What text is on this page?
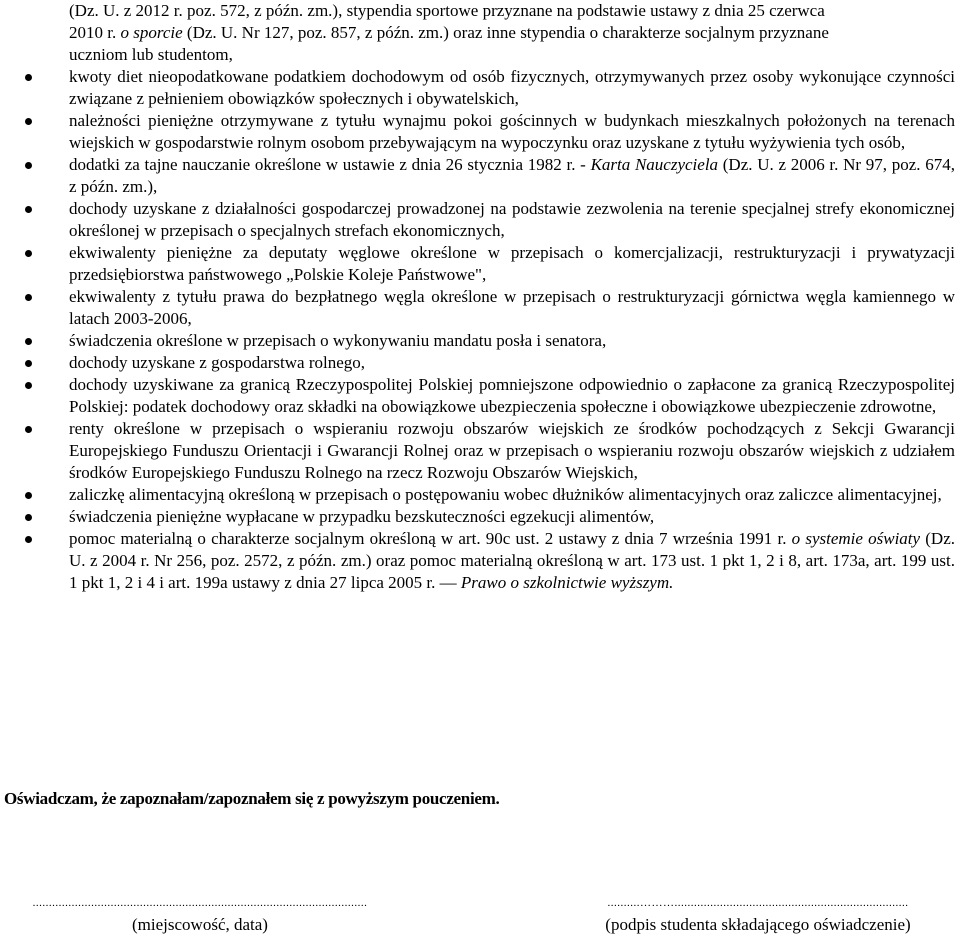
(Dz. U. z 2012 r. poz. 572, z późn. zm.), stypendia sportowe przyznane na podstawie ustawy z dnia 25 czerwca
2010 r. o sporcie (Dz. U. Nr 127, poz. 857, z późn. zm.) oraz inne stypendia o charakterze socjalnym przyznane
uczniom lub studentom,

kwoty diet nieopodatkowane podatkiem dochodowym od osób fizycznych, otrzymywanych przez osoby wykonujące czynności związane z pełnieniem obowiązków społecznych i obywatelskich,
należności pieniężne otrzymywane z tytułu wynajmu pokoi gościnnych w budynkach mieszkalnych położonych na terenach wiejskich w gospodarstwie rolnym osobom przebywającym na wypoczynku oraz uzyskane z tytułu wyżywienia tych osób,
dodatki za tajne nauczanie określone w ustawie z dnia 26 stycznia 1982 r. - Karta Nauczyciela (Dz. U. z 2006 r. Nr 97, poz. 674, z późn. zm.),
dochody uzyskane z działalności gospodarczej prowadzonej na podstawie zezwolenia na terenie specjalnej strefy ekonomicznej określonej w przepisach o specjalnych strefach ekonomicznych,
ekwiwalenty pieniężne za deputaty węglowe określone w przepisach o komercjalizacji, restrukturyzacji i prywatyzacji przedsiębiorstwa państwowego „Polskie Koleje Państwowe",
ekwiwalenty z tytułu prawa do bezpłatnego węgla określone w przepisach o restrukturyzacji górnictwa węgla kamiennego w latach 2003-2006,
świadczenia określone w przepisach o wykonywaniu mandatu posła i senatora,
dochody uzyskane z gospodarstwa rolnego,
dochody uzyskiwane za granicą Rzeczypospolitej Polskiej pomniejszone odpowiednio o zapłacone za granicą Rzeczypospolitej Polskiej: podatek dochodowy oraz składki na obowiązkowe ubezpieczenia społeczne i obowiązkowe ubezpieczenie zdrowotne,
renty określone w przepisach o wspieraniu rozwoju obszarów wiejskich ze środków pochodzących z Sekcji Gwarancji Europejskiego Funduszu Orientacji i Gwarancji Rolnej oraz w przepisach o wspieraniu rozwoju obszarów wiejskich z udziałem środków Europejskiego Funduszu Rolnego na rzecz Rozwoju Obszarów Wiejskich,
zaliczkę alimentacyjną określoną w przepisach o postępowaniu wobec dłużników alimentacyjnych oraz zaliczce alimentacyjnej,
świadczenia pieniężne wypłacane w przypadku bezskuteczności egzekucji alimentów,
pomoc materialną o charakterze socjalnym określoną w art. 90c ust. 2 ustawy z dnia 7 września 1991 r. o systemie oświaty (Dz. U. z 2004 r. Nr 256, poz. 2572, z późn. zm.) oraz pomoc materialną określoną w art. 173 ust. 1 pkt 1, 2 i 8, art. 173a, art. 199 ust. 1 pkt 1, 2 i 4 i art. 199a ustawy z dnia 27 lipca 2005 r. — Prawo o szkolnictwie wyższym.
Oświadczam, że zapoznałam/zapoznałem się z powyższym pouczeniem.
.......................................................................................................
(miejscowość, data)
..........………........................................................................
(podpis studenta składającego oświadczenie)
